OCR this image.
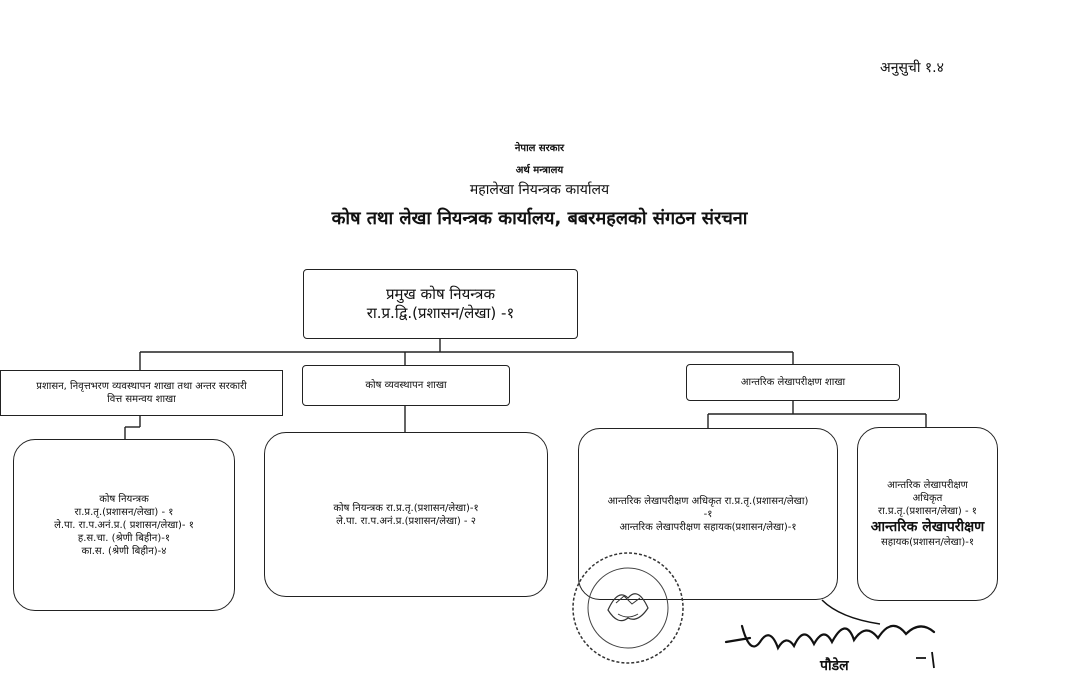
अनुसुची १.४
नेपाल सरकार
अर्थ मन्त्रालय
महालेखा नियन्त्रक कार्यालय
कोष तथा लेखा नियन्त्रक कार्यालय, बबरमहलको संगठन संरचना
प्रमुख कोष नियन्त्रक
रा.प्र.द्वि.(प्रशासन/लेखा) -१
प्रशासन, निवृत्तभरण व्यवस्थापन शाखा तथा अन्तर सरकारी
वित्त समन्वय शाखा
कोष व्यवस्थापन शाखा	आन्तरिक लेखापरीक्षण शाखा
कोष नियन्त्रक
रा.प्र.तृ.(प्रशासन/लेखा) - १
ले.पा. रा.प.अनं.प्र.( प्रशासन/लेखा)- १
ह.स.चा. (श्रेणी बिहीन)-१
का.स. (श्रेणी बिहीन)-४
कोष नियन्त्रक रा.प्र.तृ.(प्रशासन/लेखा)-१
ले.पा. रा.प.अनं.प्र.(प्रशासन/लेखा) - २
आन्तरिक लेखापरीक्षण अधिकृत रा.प्र.तृ.(प्रशासन/लेखा)
-१
आन्तरिक लेखापरीक्षण सहायक(प्रशासन/लेखा)-१
आन्तरिक लेखापरीक्षण
अधिकृत
रा.प्र.तृ.(प्रशासन/लेखा) - १
आन्तरिक लेखापरीक्षण
सहायक(प्रशासन/लेखा)-१
पौडेल
